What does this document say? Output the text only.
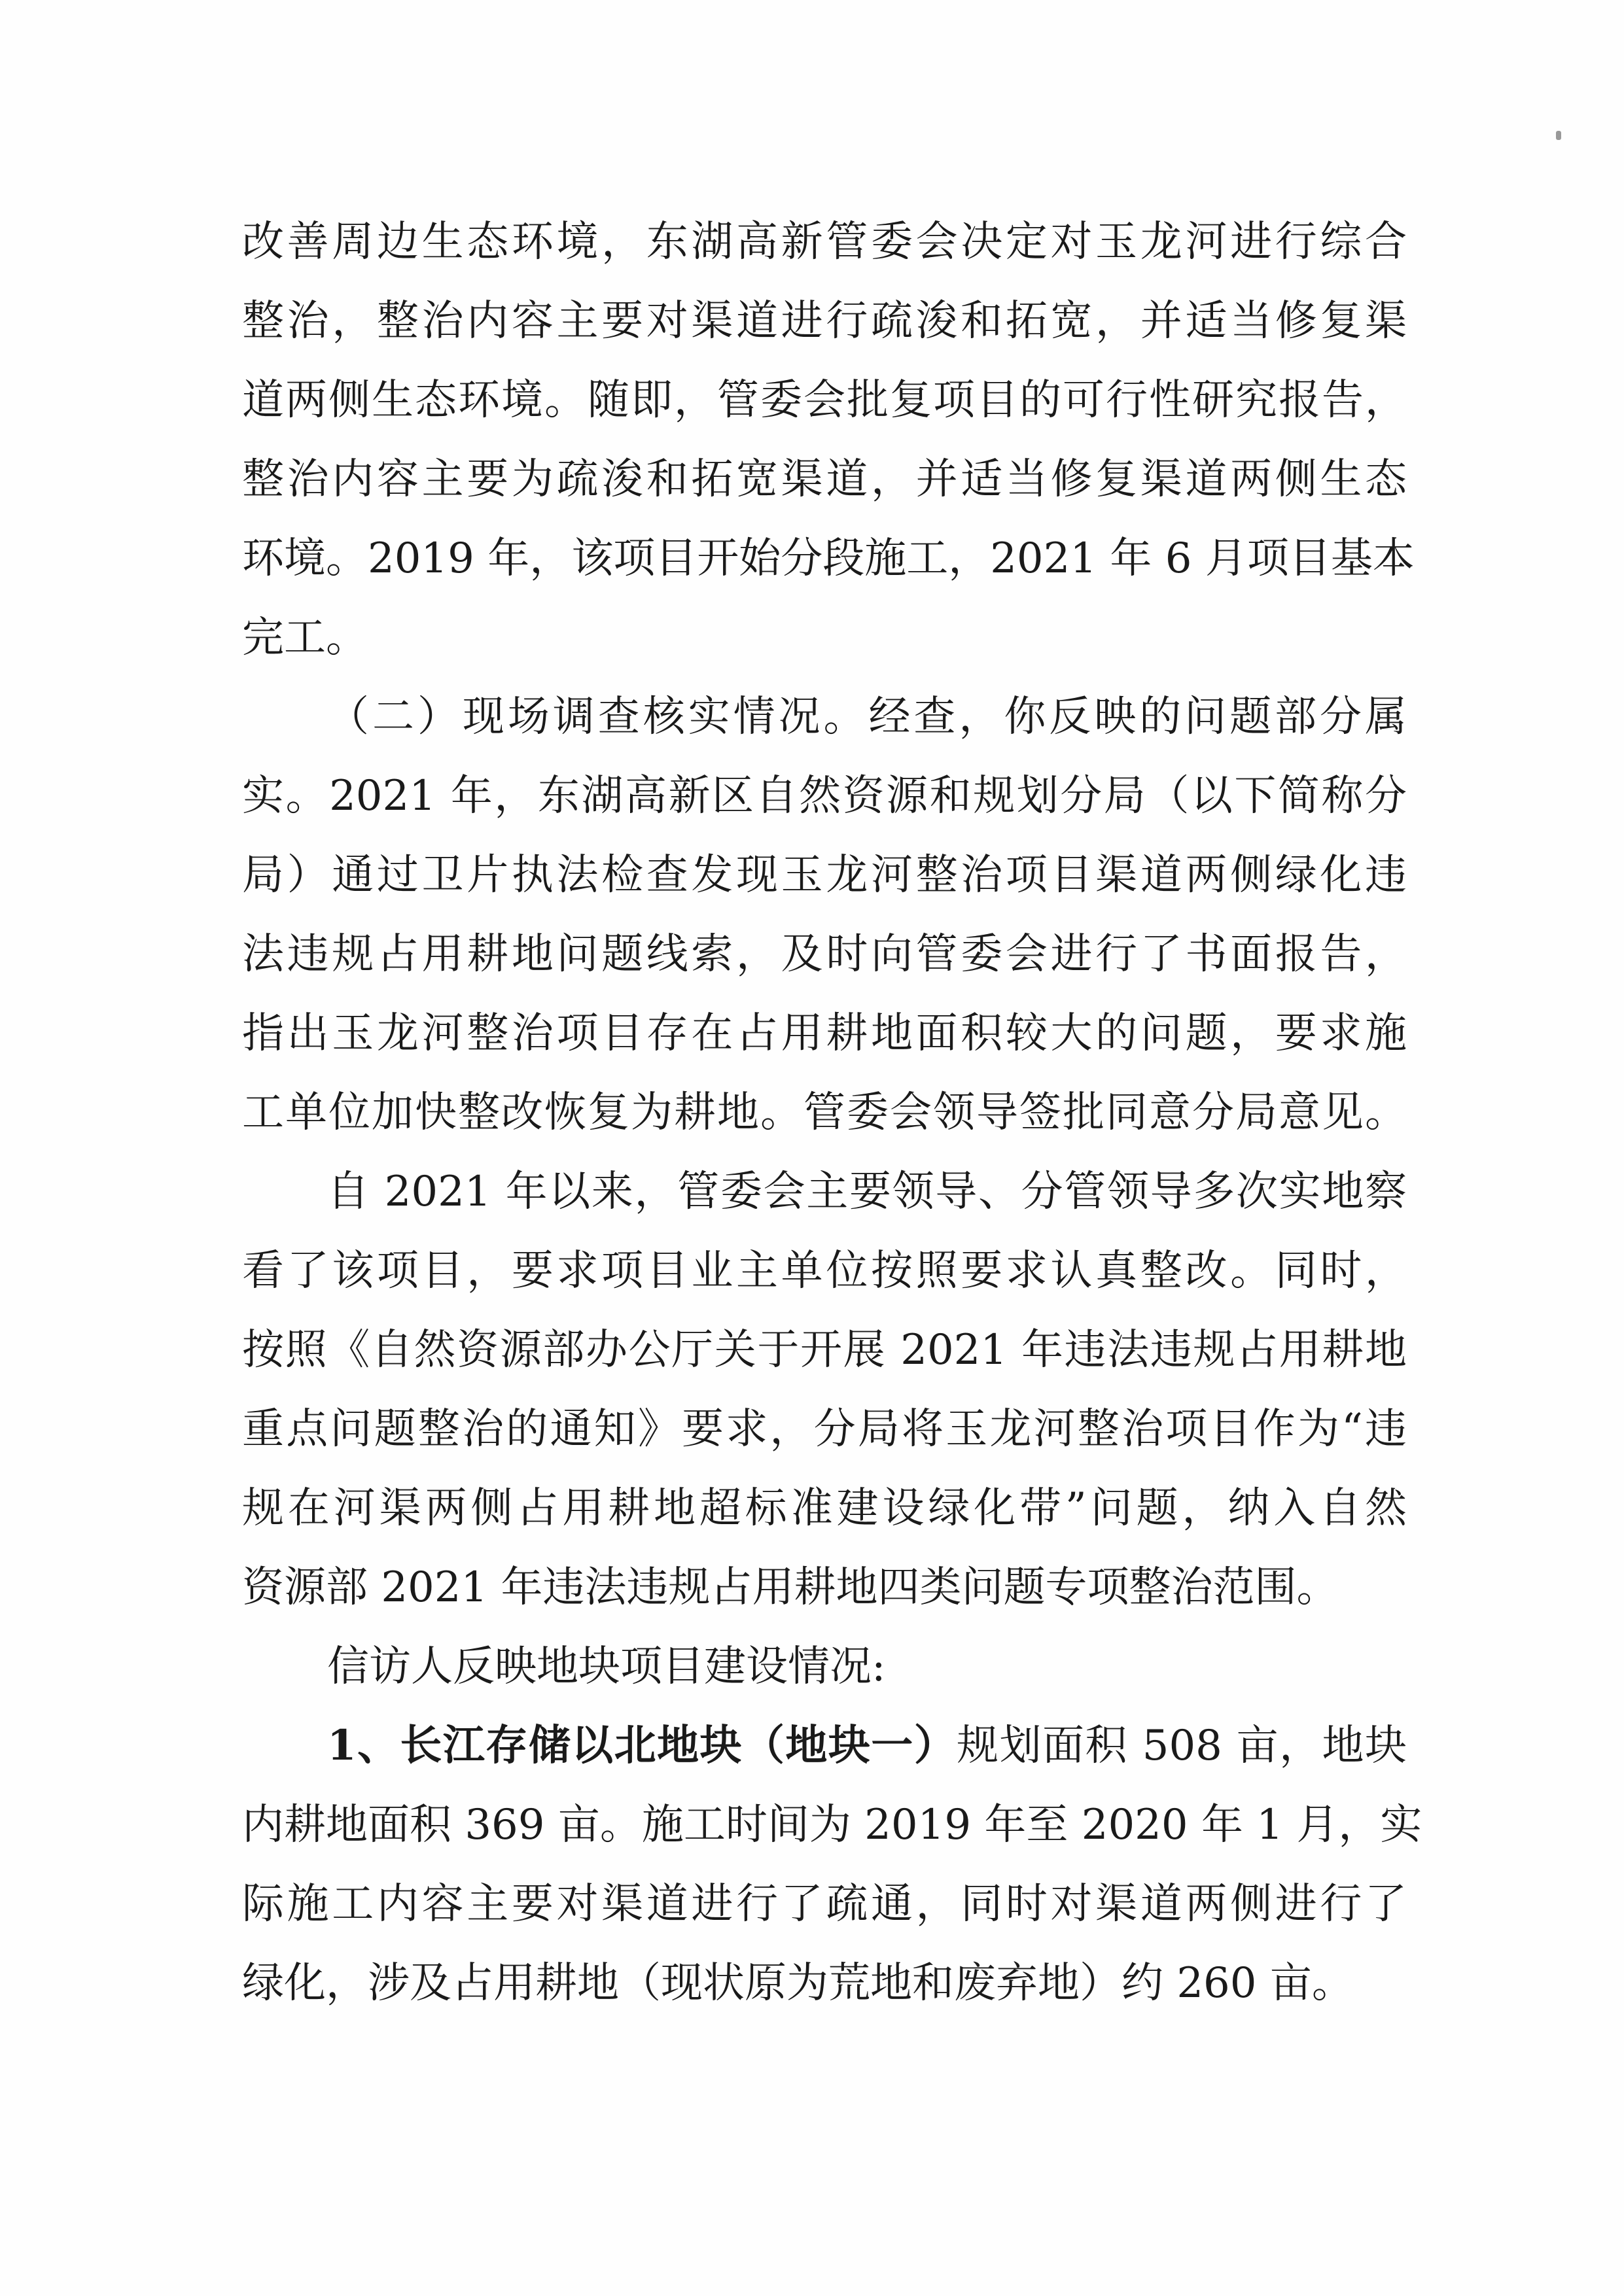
改善周边生态环境，东湖高新管委会决定对玉龙河进行综合
整治，整治内容主要对渠道进行疏浚和拓宽，并适当修复渠
道两侧生态环境。随即，管委会批复项目的可行性研究报告，
整治内容主要为疏浚和拓宽渠道，并适当修复渠道两侧生态
环境。2019 年，该项目开始分段施工，2021 年 6 月项目基本
完工。
（二）现场调查核实情况。经查，你反映的问题部分属
实。2021 年，东湖高新区自然资源和规划分局（以下简称分
局）通过卫片执法检查发现玉龙河整治项目渠道两侧绿化违
法违规占用耕地问题线索，及时向管委会进行了书面报告，
指出玉龙河整治项目存在占用耕地面积较大的问题，要求施
工单位加快整改恢复为耕地。管委会领导签批同意分局意见。
自 2021 年以来，管委会主要领导、分管领导多次实地察
看了该项目，要求项目业主单位按照要求认真整改。同时，
按照《自然资源部办公厅关于开展 2021 年违法违规占用耕地
重点问题整治的通知》要求，分局将玉龙河整治项目作为“违
规在河渠两侧占用耕地超标准建设绿化带”问题，纳入自然
资源部 2021 年违法违规占用耕地四类问题专项整治范围。
信访人反映地块项目建设情况:
1、长江存储以北地块（地块一）规划面积 508 亩，地块
内耕地面积 369 亩。施工时间为 2019 年至 2020 年 1 月，实
际施工内容主要对渠道进行了疏通，同时对渠道两侧进行了
绿化，涉及占用耕地（现状原为荒地和废弃地）约 260 亩。
